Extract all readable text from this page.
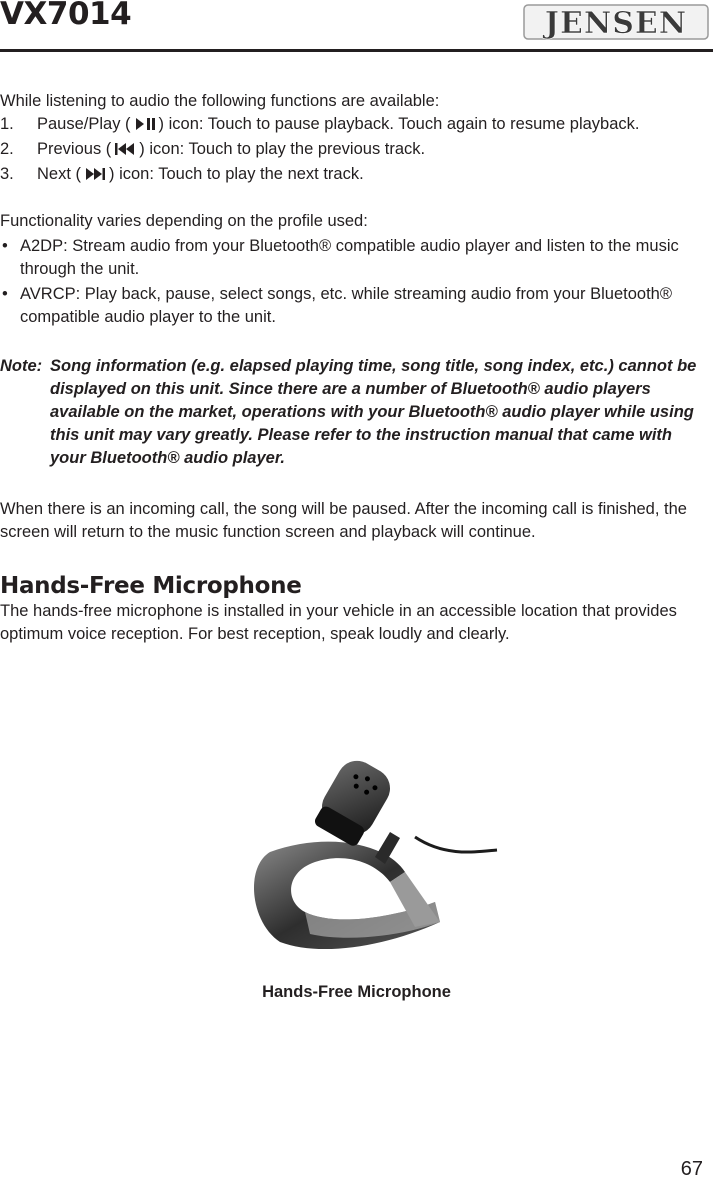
VX7014	JENSEN

While listening to audio the following functions are available:

1. Pause/Play ( ) icon: Touch to pause playback. Touch again to resume playback.
2. Previous ( ) icon: Touch to play the previous track.
3. Next ( ) icon: Touch to play the next track.

Functionality varies depending on the profile used:

• A2DP: Stream audio from your Bluetooth® compatible audio player and listen to the music through the unit.
• AVRCP: Play back, pause, select songs, etc. while streaming audio from your Bluetooth® compatible audio player to the unit.

Note: Song information (e.g. elapsed playing time, song title, song index, etc.) cannot be displayed on this unit. Since there are a number of Bluetooth® audio players available on the market, operations with your Bluetooth® audio player while using this unit may vary greatly. Please refer to the instruction manual that came with your Bluetooth® audio player.

When there is an incoming call, the song will be paused. After the incoming call is finished, the screen will return to the music function screen and playback will continue.

Hands-Free Microphone

The hands-free microphone is installed in your vehicle in an accessible location that provides optimum voice reception. For best reception, speak loudly and clearly.

Hands-Free Microphone
67
